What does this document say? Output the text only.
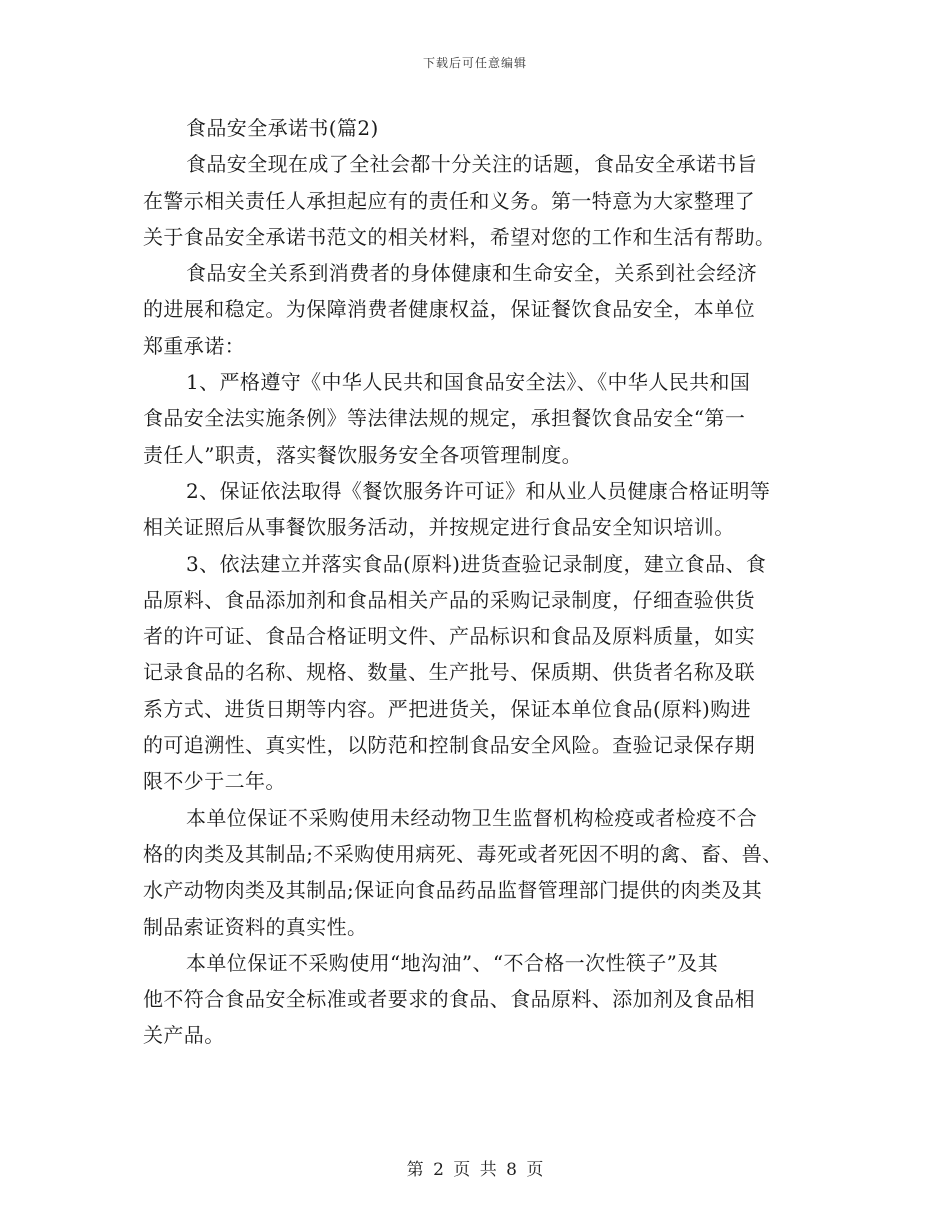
下载后可任意编辑
食品安全承诺书(篇2)
食品安全现在成了全社会都十分关注的话题，食品安全承诺书旨
在警示相关责任人承担起应有的责任和义务。第一特意为大家整理了
关于食品安全承诺书范文的相关材料，希望对您的工作和生活有帮助。
食品安全关系到消费者的身体健康和生命安全，关系到社会经济
的进展和稳定。为保障消费者健康权益，保证餐饮食品安全，本单位
郑重承诺：
1、严格遵守《中华人民共和国食品安全法》、《中华人民共和国
食品安全法实施条例》等法律法规的规定，承担餐饮食品安全“第一
责任人”职责，落实餐饮服务安全各项管理制度。
2、保证依法取得《餐饮服务许可证》和从业人员健康合格证明等
相关证照后从事餐饮服务活动，并按规定进行食品安全知识培训。
3、依法建立并落实食品(原料)进货查验记录制度，建立食品、食
品原料、食品添加剂和食品相关产品的采购记录制度，仔细查验供货
者的许可证、食品合格证明文件、产品标识和食品及原料质量，如实
记录食品的名称、规格、数量、生产批号、保质期、供货者名称及联
系方式、进货日期等内容。严把进货关，保证本单位食品(原料)购进
的可追溯性、真实性，以防范和控制食品安全风险。查验记录保存期
限不少于二年。
本单位保证不采购使用未经动物卫生监督机构检疫或者检疫不合
格的肉类及其制品;不采购使用病死、毒死或者死因不明的禽、畜、兽、
水产动物肉类及其制品;保证向食品药品监督管理部门提供的肉类及其
制品索证资料的真实性。
本单位保证不采购使用“地沟油”、“不合格一次性筷子”及其
他不符合食品安全标准或者要求的食品、食品原料、添加剂及食品相
关产品。
第 2 页 共 8 页
